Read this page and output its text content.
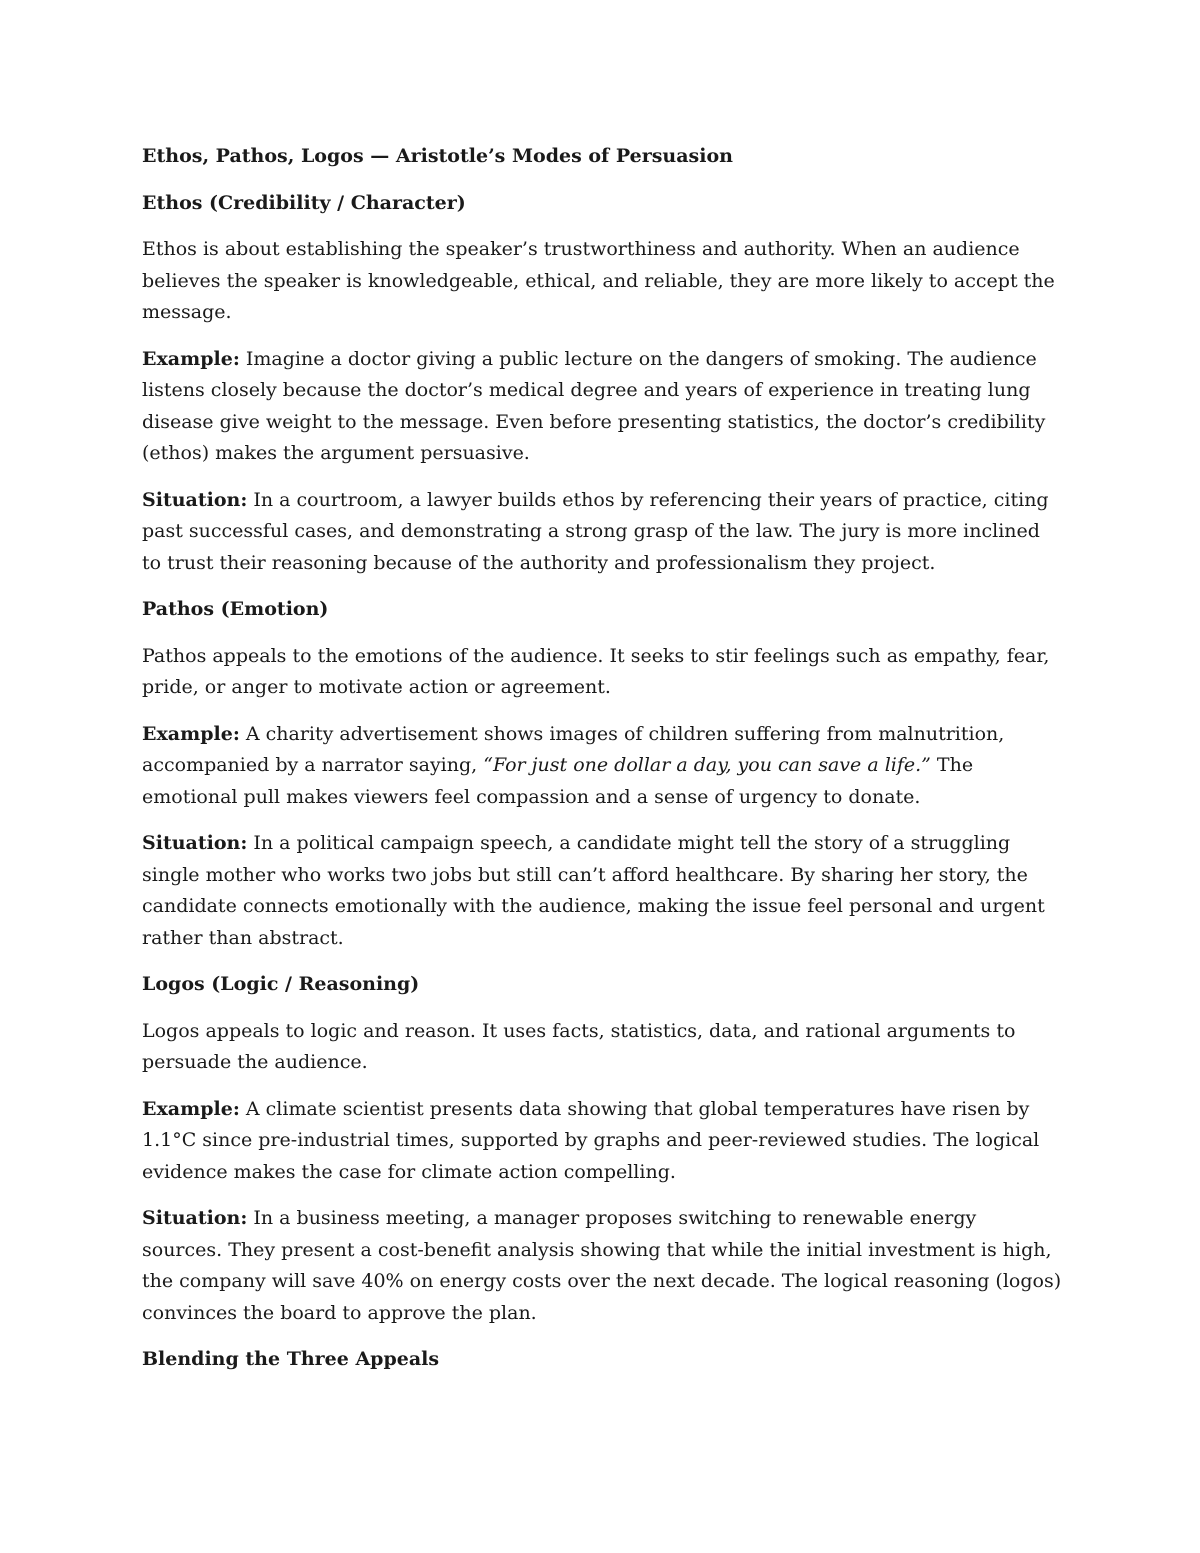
Ethos, Pathos, Logos — Aristotle’s Modes of Persuasion

Ethos (Credibility / Character)

Ethos is about establishing the speaker’s trustworthiness and authority. When an audience believes the speaker is knowledgeable, ethical, and reliable, they are more likely to accept the message.

Example: Imagine a doctor giving a public lecture on the dangers of smoking. The audience listens closely because the doctor’s medical degree and years of experience in treating lung disease give weight to the message. Even before presenting statistics, the doctor’s credibility (ethos) makes the argument persuasive.

Situation: In a courtroom, a lawyer builds ethos by referencing their years of practice, citing past successful cases, and demonstrating a strong grasp of the law. The jury is more inclined to trust their reasoning because of the authority and professionalism they project.

Pathos (Emotion)

Pathos appeals to the emotions of the audience. It seeks to stir feelings such as empathy, fear, pride, or anger to motivate action or agreement.

Example: A charity advertisement shows images of children suffering from malnutrition, accompanied by a narrator saying, “For just one dollar a day, you can save a life.” The emotional pull makes viewers feel compassion and a sense of urgency to donate.

Situation: In a political campaign speech, a candidate might tell the story of a struggling single mother who works two jobs but still can’t afford healthcare. By sharing her story, the candidate connects emotionally with the audience, making the issue feel personal and urgent rather than abstract.

Logos (Logic / Reasoning)

Logos appeals to logic and reason. It uses facts, statistics, data, and rational arguments to persuade the audience.

Example: A climate scientist presents data showing that global temperatures have risen by 1.1°C since pre-industrial times, supported by graphs and peer-reviewed studies. The logical evidence makes the case for climate action compelling.

Situation: In a business meeting, a manager proposes switching to renewable energy sources. They present a cost-benefit analysis showing that while the initial investment is high, the company will save 40% on energy costs over the next decade. The logical reasoning (logos) convinces the board to approve the plan.

Blending the Three Appeals
